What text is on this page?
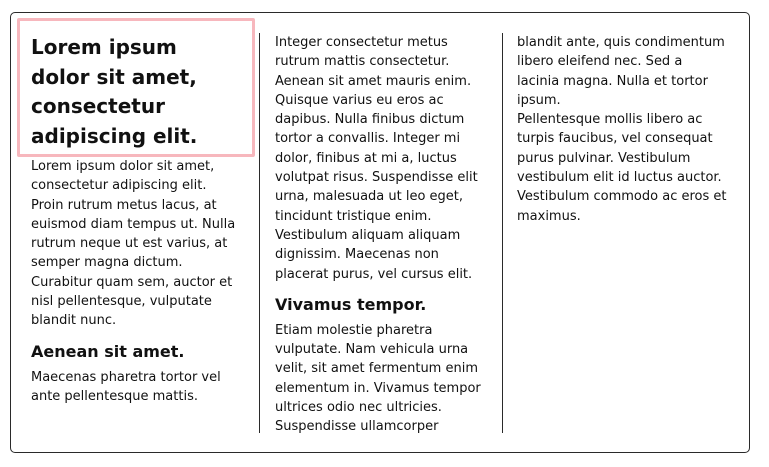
Lorem ipsum dolor sit amet, consectetur adipiscing elit.

Lorem ipsum dolor sit amet, consectetur adipiscing elit. Proin rutrum metus lacus, at euismod diam tempus ut. Nulla rutrum neque ut est varius, at semper magna dictum. Curabitur quam sem, auctor et nisl pellentesque, vulputate blandit nunc.

Aenean sit amet.

Maecenas pharetra tortor vel ante pellentesque mattis.

Integer consectetur metus rutrum mattis consectetur. Aenean sit amet mauris enim. Quisque varius eu eros ac dapibus. Nulla finibus dictum tortor a convallis. Integer mi dolor, finibus at mi a, luctus volutpat risus. Suspendisse elit urna, malesuada ut leo eget, tincidunt tristique enim. Vestibulum aliquam aliquam dignissim. Maecenas non placerat purus, vel cursus elit.

Vivamus tempor.

Etiam molestie pharetra vulputate. Nam vehicula urna velit, sit amet fermentum enim elementum in. Vivamus tempor ultrices odio nec ultricies. Suspendisse ullamcorper

blandit ante, quis condimentum libero eleifend nec. Sed a lacinia magna. Nulla et tortor ipsum.

Pellentesque mollis libero ac turpis faucibus, vel consequat purus pulvinar. Vestibulum vestibulum elit id luctus auctor. Vestibulum commodo ac eros et maximus.
